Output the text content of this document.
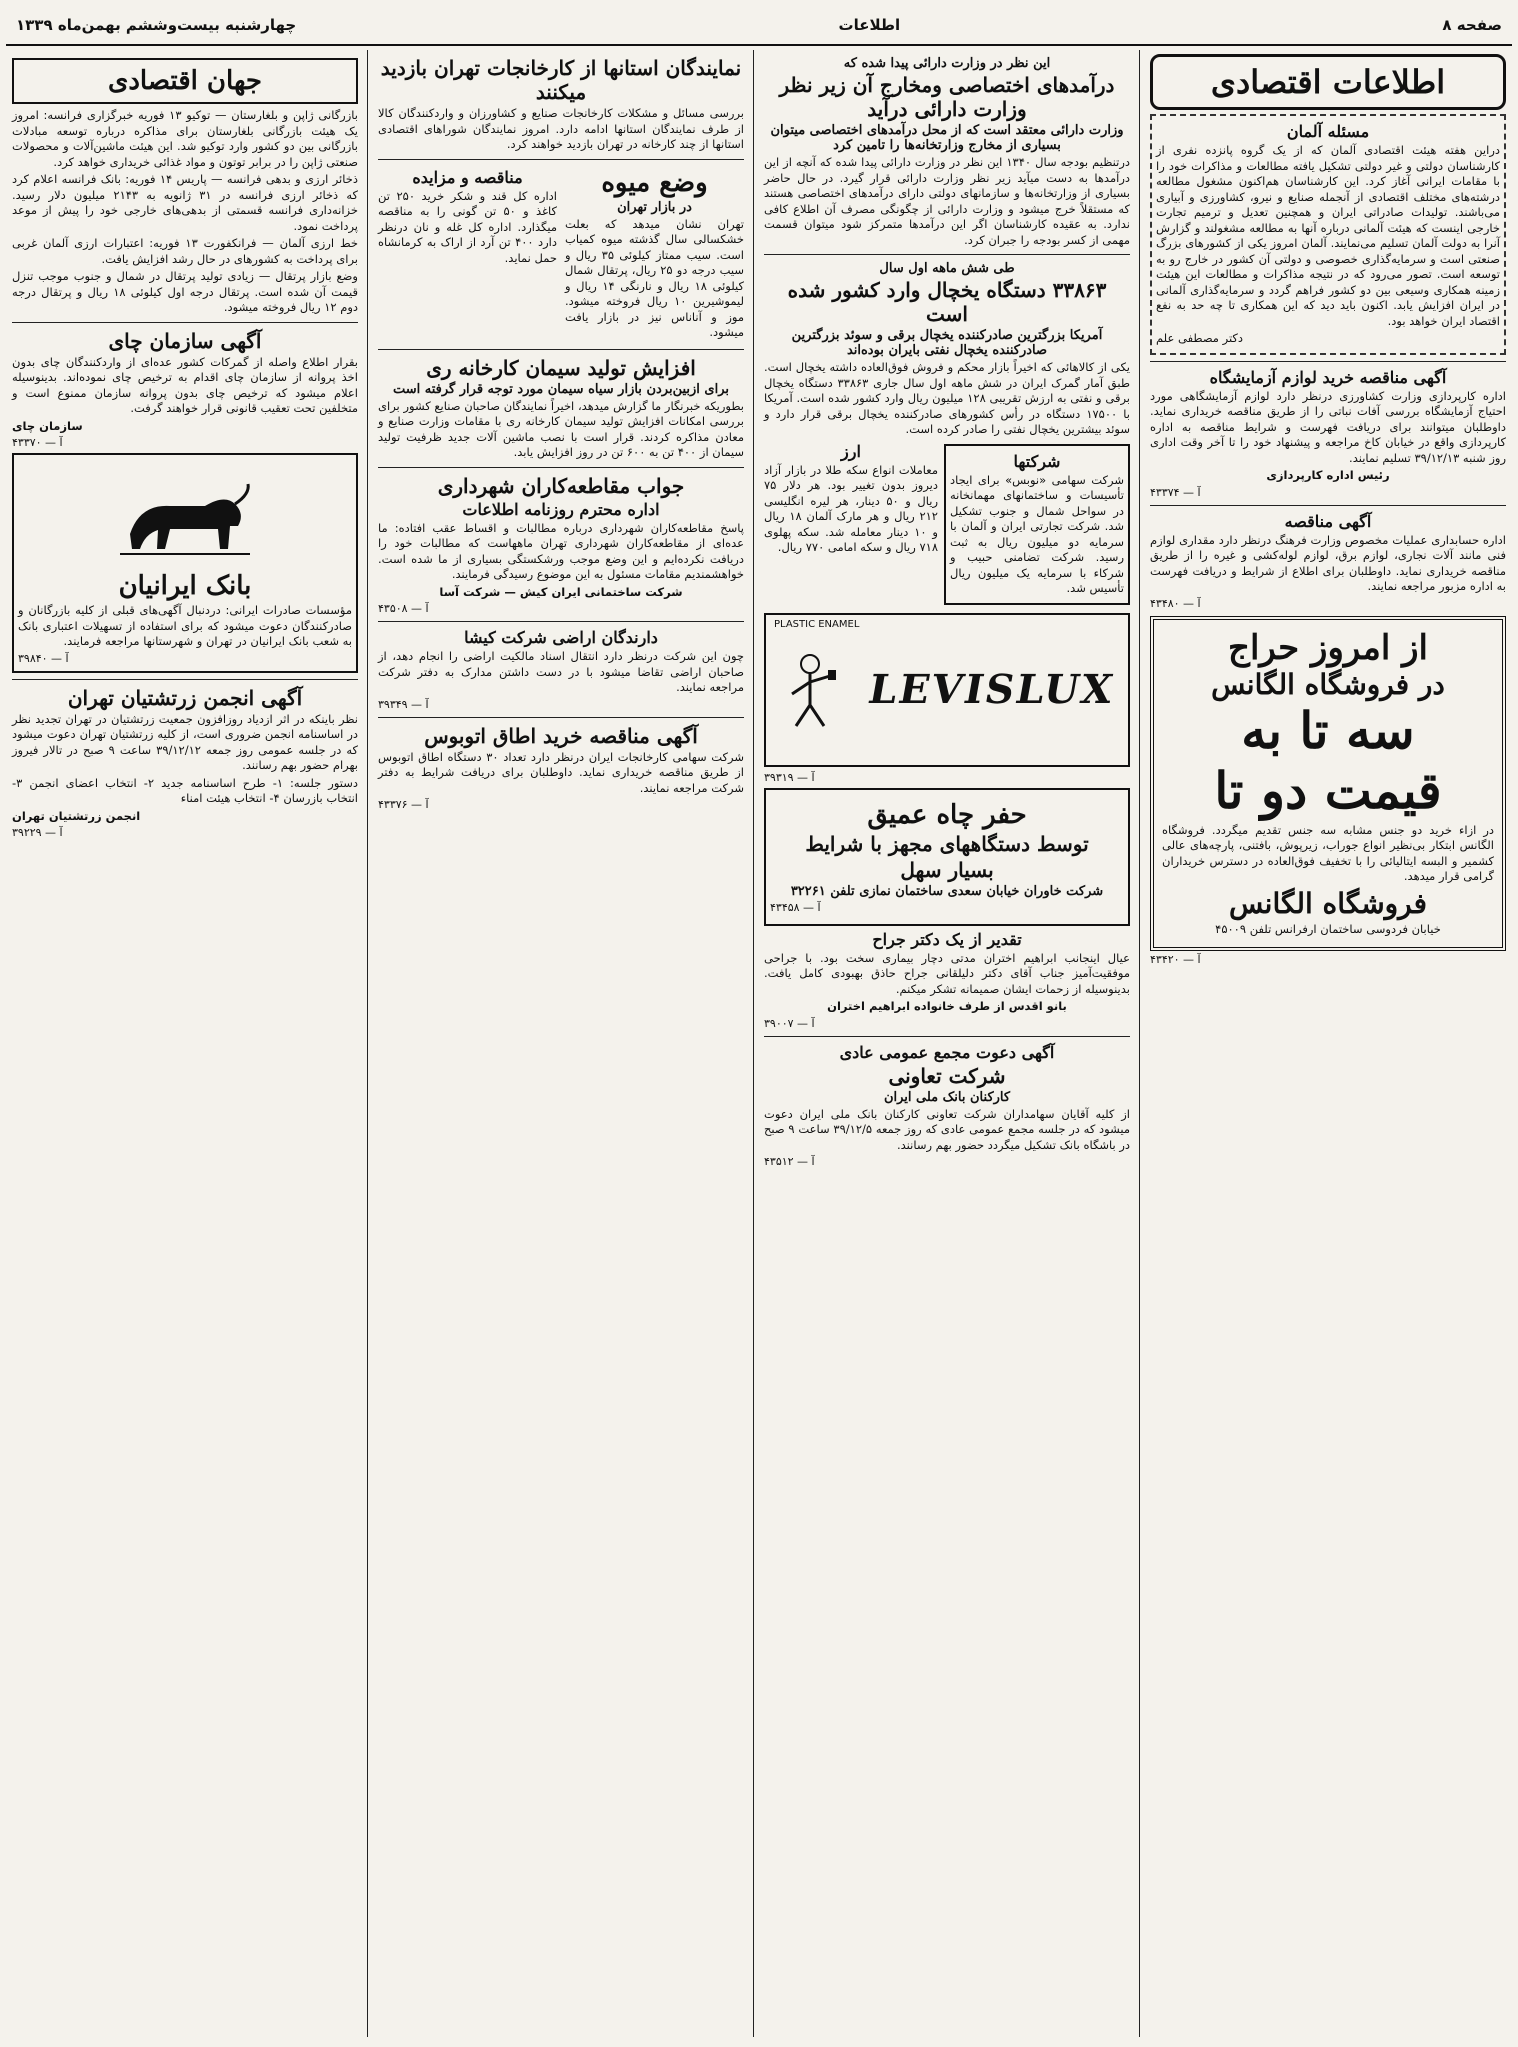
صفحه ۸
اطلاعات
چهارشنبه بیست‌وششم بهمن‌ماه ۱۳۳۹
اطلاعات اقتصادی
مسئله آلمان

دراین هفته هیئت اقتصادی آلمان که از یک گروه پانزده نفری از کارشناسان دولتی و غیر دولتی تشکیل یافته مطالعات و مذاکرات خود را با مقامات ایرانی آغاز کرد. این کارشناسان هم‌اکنون مشغول مطالعه درشته‌های مختلف اقتصادی از آنجمله صنایع و نیرو، کشاورزی و آبیاری می‌باشند. تولیدات صادراتی ایران و همچنین تعدیل و ترمیم تجارت خارجی اینست که هیئت آلمانی درباره آنها به مطالعه مشغولند و گزارش آنرا به دولت آلمان تسلیم می‌نمایند. آلمان امروز یکی از کشورهای بزرگ صنعتی است و سرمایه‌گذاری خصوصی و دولتی آن کشور در خارج رو به توسعه است. تصور می‌رود که در نتیجه مذاکرات و مطالعات این هیئت زمینه همکاری وسیعی بین دو کشور فراهم گردد و سرمایه‌گذاری آلمانی در ایران افزایش یابد. اکنون باید دید که این همکاری تا چه حد به نفع اقتصاد ایران خواهد بود.

دکتر مصطفی علم

آگهی مناقصه خرید لوازم آزمایشگاه

اداره کارپردازی وزارت کشاورزی درنظر دارد لوازم آزمایشگاهی مورد احتیاج آزمایشگاه بررسی آفات نباتی را از طریق مناقصه خریداری نماید. داوطلبان میتوانند برای دریافت فهرست و شرایط مناقصه به اداره کارپردازی واقع در خیابان کاخ مراجعه و پیشنهاد خود را تا آخر وقت اداری روز شنبه ۳۹/۱۲/۱۳ تسلیم نمایند.

رئیس اداره کارپردازی

آ — ۴۳۳۷۴
آگهی مناقصه

اداره حسابداری عملیات مخصوص وزارت فرهنگ درنظر دارد مقداری لوازم فنی مانند آلات نجاری، لوازم برق، لوازم لوله‌کشی و غیره را از طریق مناقصه خریداری نماید. داوطلبان برای اطلاع از شرایط و دریافت فهرست به اداره مزبور مراجعه نمایند.

آ — ۴۳۴۸۰
از امروز حراج
در فروشگاه الگانس
سه تا به
قیمت دو تا

در ازاء خرید دو جنس مشابه سه جنس تقدیم میگردد. فروشگاه الگانس ابتکار بی‌نظیر انواع جوراب، زیرپوش، بافتنی، پارچه‌های عالی کشمیر و البسه ایتالیائی را با تخفیف فوق‌العاده در دسترس خریداران گرامی قرار میدهد.

فروشگاه الگانس

خیابان فردوسی ساختمان ارفرانس تلفن ۴۵۰۰۹

آ — ۴۳۴۲۰
این نظر در وزارت دارائی پیدا شده که
درآمدهای اختصاصی ومخارج آن زیر نظر وزارت دارائی درآید
وزارت دارائی معتقد است که از محل درآمدهای اختصاصی میتوان بسیاری از مخارج وزارتخانه‌ها را تامین کرد

درتنظیم بودجه سال ۱۳۴۰ این نظر در وزارت دارائی پیدا شده که آنچه از این درآمدها به دست میآید زیر نظر وزارت دارائی قرار گیرد. در حال حاضر بسیاری از وزارتخانه‌ها و سازمانهای دولتی دارای درآمدهای اختصاصی هستند که مستقلاً خرج میشود و وزارت دارائی از چگونگی مصرف آن اطلاع کافی ندارد. به عقیده کارشناسان اگر این درآمدها متمرکز شود میتوان قسمت مهمی از کسر بودجه را جبران کرد.

طی شش ماهه اول سال
۳۳۸۶۳ دستگاه یخچال وارد کشور شده است
آمریکا بزرگترین صادرکننده یخچال برقی و سوئد بزرگترین صادرکننده یخچال نفتی بایران بوده‌اند

یکی از کالاهائی که اخیراً بازار محکم و فروش فوق‌العاده داشته یخچال است. طبق آمار گمرک ایران در شش ماهه اول سال جاری ۳۳۸۶۳ دستگاه یخچال برقی و نفتی به ارزش تقریبی ۱۲۸ میلیون ریال وارد کشور شده است. آمریکا با ۱۷۵۰۰ دستگاه در رأس کشورهای صادرکننده یخچال برقی قرار دارد و سوئد بیشترین یخچال نفتی را صادر کرده است.

شرکتها

شرکت سهامی «نوبس» برای ایجاد تأسیسات و ساختمانهای مهمانخانه در سواحل شمال و جنوب تشکیل شد. شرکت تجارتی ایران و آلمان با سرمایه دو میلیون ریال به ثبت رسید. شرکت تضامنی حبیب و شرکاء با سرمایه یک میلیون ریال تأسیس شد.

ارز

معاملات انواع سکه طلا در بازار آزاد دیروز بدون تغییر بود. هر دلار ۷۵ ریال و ۵۰ دینار، هر لیره انگلیسی ۲۱۲ ریال و هر مارک آلمان ۱۸ ریال و ۱۰ دینار معامله شد. سکه پهلوی ۷۱۸ ریال و سکه امامی ۷۷۰ ریال.

PLASTIC ENAMEL
LEVISLUX
آ — ۳۹۳۱۹
حفر چاه عمیق
توسط دستگاههای مجهز با شرایط
بسیار سهل
شرکت خاوران خیابان سعدی ساختمان نمازی تلفن ۳۲۲۶۱
آ — ۴۳۴۵۸
تقدیر از یک دکتر جراح

عیال اینجانب ابراهیم اختران مدتی دچار بیماری سخت بود. با جراحی موفقیت‌آمیز جناب آقای دکتر دلیلقانی جراح حاذق بهبودی کامل یافت. بدینوسیله از زحمات ایشان صمیمانه تشکر میکنم.

بانو اقدس از طرف خانواده ابراهیم اختران

آ — ۳۹۰۰۷
آگهی دعوت مجمع عمومی عادی
شرکت تعاونی
کارکنان بانک ملی ایران

از کلیه آقایان سهامداران شرکت تعاونی کارکنان بانک ملی ایران دعوت میشود که در جلسه مجمع عمومی عادی که روز جمعه ۳۹/۱۲/۵ ساعت ۹ صبح در باشگاه بانک تشکیل میگردد حضور بهم رسانند.

آ — ۴۳۵۱۲
نمایندگان استانها از کارخانجات تهران بازدید میکنند

بررسی مسائل و مشکلات کارخانجات صنایع و کشاورزان و واردکنندگان کالا از طرف نمایندگان استانها ادامه دارد. امروز نمایندگان شوراهای اقتصادی استانها از چند کارخانه در تهران بازدید خواهند کرد.

وضع میوه
در بازار تهران

تهران نشان میدهد که بعلت خشکسالی سال گذشته میوه کمیاب است. سیب ممتاز کیلوئی ۳۵ ریال و سیب درجه دو ۲۵ ریال، پرتقال شمال کیلوئی ۱۸ ریال و نارنگی ۱۴ ریال و لیموشیرین ۱۰ ریال فروخته میشود. موز و آناناس نیز در بازار یافت میشود.

مناقصه و مزایده

اداره کل قند و شکر خرید ۲۵۰ تن کاغذ و ۵۰ تن گونی را به مناقصه میگذارد. اداره کل غله و نان درنظر دارد ۴۰۰ تن آرد از اراک به کرمانشاه حمل نماید.

افزایش تولید سیمان کارخانه ری
برای ازبین‌بردن بازار سیاه سیمان مورد توجه قرار گرفته است

بطوریکه خبرنگار ما گزارش میدهد، اخیراً نمایندگان صاحبان صنایع کشور برای بررسی امکانات افزایش تولید سیمان کارخانه ری با مقامات وزارت صنایع و معادن مذاکره کردند. قرار است با نصب ماشین آلات جدید ظرفیت تولید سیمان از ۴۰۰ تن به ۶۰۰ تن در روز افزایش یابد.

جواب مقاطعه‌کاران شهرداری
اداره محترم روزنامه اطلاعات

پاسخ مقاطعه‌کاران شهرداری درباره مطالبات و اقساط عقب افتاده: ما عده‌ای از مقاطعه‌کاران شهرداری تهران ماههاست که مطالبات خود را دریافت نکرده‌ایم و این وضع موجب ورشکستگی بسیاری از ما شده است. خواهشمندیم مقامات مسئول به این موضوع رسیدگی فرمایند.

شرکت ساختمانی ایران کیش — شرکت آسا

آ — ۴۳۵۰۸
دارندگان اراضی شرکت کیشا

چون این شرکت درنظر دارد انتقال اسناد مالکیت اراضی را انجام دهد، از صاحبان اراضی تقاضا میشود با در دست داشتن مدارک به دفتر شرکت مراجعه نمایند.

آ — ۳۹۳۴۹
آگهی مناقصه خرید اطاق اتوبوس

شرکت سهامی کارخانجات ایران درنظر دارد تعداد ۳۰ دستگاه اطاق اتوبوس از طریق مناقصه خریداری نماید. داوطلبان برای دریافت شرایط به دفتر شرکت مراجعه نمایند.

آ — ۴۳۳۷۶
جهان اقتصادی

بازرگانی ژاپن و بلغارستان — توکیو ۱۳ فوریه خبرگزاری فرانسه: امروز یک هیئت بازرگانی بلغارستان برای مذاکره درباره توسعه مبادلات بازرگانی بین دو کشور وارد توکیو شد. این هیئت ماشین‌آلات و محصولات صنعتی ژاپن را در برابر توتون و مواد غذائی خریداری خواهد کرد.

ذخائر ارزی و بدهی فرانسه — پاریس ۱۴ فوریه: بانک فرانسه اعلام کرد که ذخائر ارزی فرانسه در ۳۱ ژانویه به ۲۱۴۳ میلیون دلار رسید. خزانه‌داری فرانسه قسمتی از بدهی‌های خارجی خود را پیش از موعد پرداخت نمود.

خط ارزی آلمان — فرانکفورت ۱۳ فوریه: اعتبارات ارزی آلمان غربی برای پرداخت به کشورهای در حال رشد افزایش یافت.

وضع بازار پرتقال — زیادی تولید پرتقال در شمال و جنوب موجب تنزل قیمت آن شده است. پرتقال درجه اول کیلوئی ۱۸ ریال و پرتقال درجه دوم ۱۲ ریال فروخته میشود.

آگهی سازمان چای

بقرار اطلاع واصله از گمرکات کشور عده‌ای از واردکنندگان چای بدون اخذ پروانه از سازمان چای اقدام به ترخیص چای نموده‌اند. بدینوسیله اعلام میشود که ترخیص چای بدون پروانه سازمان ممنوع است و متخلفین تحت تعقیب قانونی قرار خواهند گرفت.

سازمان چای

آ — ۴۳۳۷۰
بانک ایرانیان

مؤسسات صادرات ایرانی: دردنبال آگهی‌های قبلی از کلیه بازرگانان و صادرکنندگان دعوت میشود که برای استفاده از تسهیلات اعتباری بانک به شعب بانک ایرانیان در تهران و شهرستانها مراجعه فرمایند.

آ — ۳۹۸۴۰
آگهی انجمن زرتشتیان تهران

نظر باینکه در اثر ازدیاد روزافزون جمعیت زرتشتیان در تهران تجدید نظر در اساسنامه انجمن ضروری است، از کلیه زرتشتیان تهران دعوت میشود که در جلسه عمومی روز جمعه ۳۹/۱۲/۱۲ ساعت ۹ صبح در تالار فیروز بهرام حضور بهم رسانند.

دستور جلسه: ۱- طرح اساسنامه جدید ۲- انتخاب اعضای انجمن ۳- انتخاب بازرسان ۴- انتخاب هیئت امناء

انجمن زرتشتیان تهران

آ — ۳۹۲۲۹
